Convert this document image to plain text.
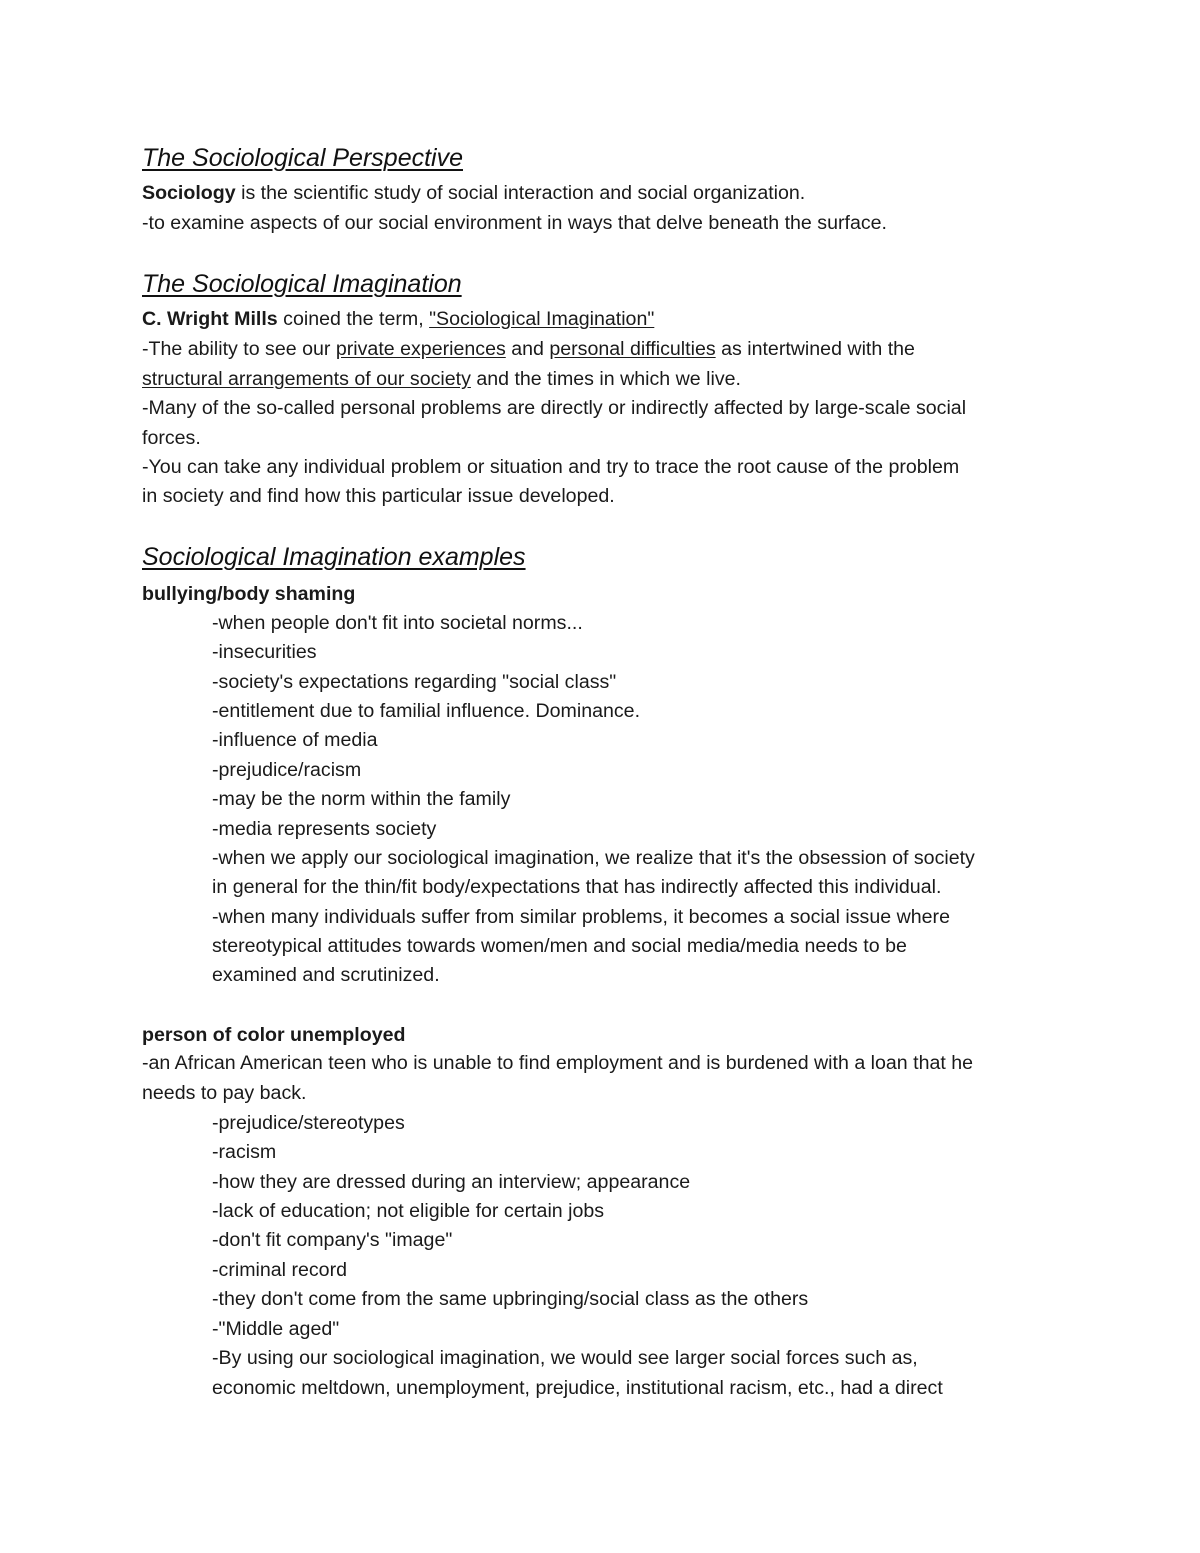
The Sociological Perspective
Sociology is the scientific study of social interaction and social organization.
-to examine aspects of our social environment in ways that delve beneath the surface.
The Sociological Imagination
C. Wright Mills coined the term, "Sociological Imagination"
-The ability to see our private experiences and personal difficulties as intertwined with the
structural arrangements of our society and the times in which we live.
-Many of the so-called personal problems are directly or indirectly affected by large-scale social
forces.
-You can take any individual problem or situation and try to trace the root cause of the problem
in society and find how this particular issue developed.
Sociological Imagination examples
bullying/body shaming
-when people don't fit into societal norms...
-insecurities
-society's expectations regarding "social class"
-entitlement due to familial influence. Dominance.
-influence of media
-prejudice/racism
-may be the norm within the family
-media represents society
-when we apply our sociological imagination, we realize that it's the obsession of society
in general for the thin/fit body/expectations that has indirectly affected this individual.
-when many individuals suffer from similar problems, it becomes a social issue where
stereotypical attitudes towards women/men and social media/media needs to be
examined and scrutinized.
person of color unemployed
-an African American teen who is unable to find employment and is burdened with a loan that he
needs to pay back.
-prejudice/stereotypes
-racism
-how they are dressed during an interview; appearance
-lack of education; not eligible for certain jobs
-don't fit company's "image"
-criminal record
-they don't come from the same upbringing/social class as the others
-"Middle aged"
-By using our sociological imagination, we would see larger social forces such as,
economic meltdown, unemployment, prejudice, institutional racism, etc., had a direct
